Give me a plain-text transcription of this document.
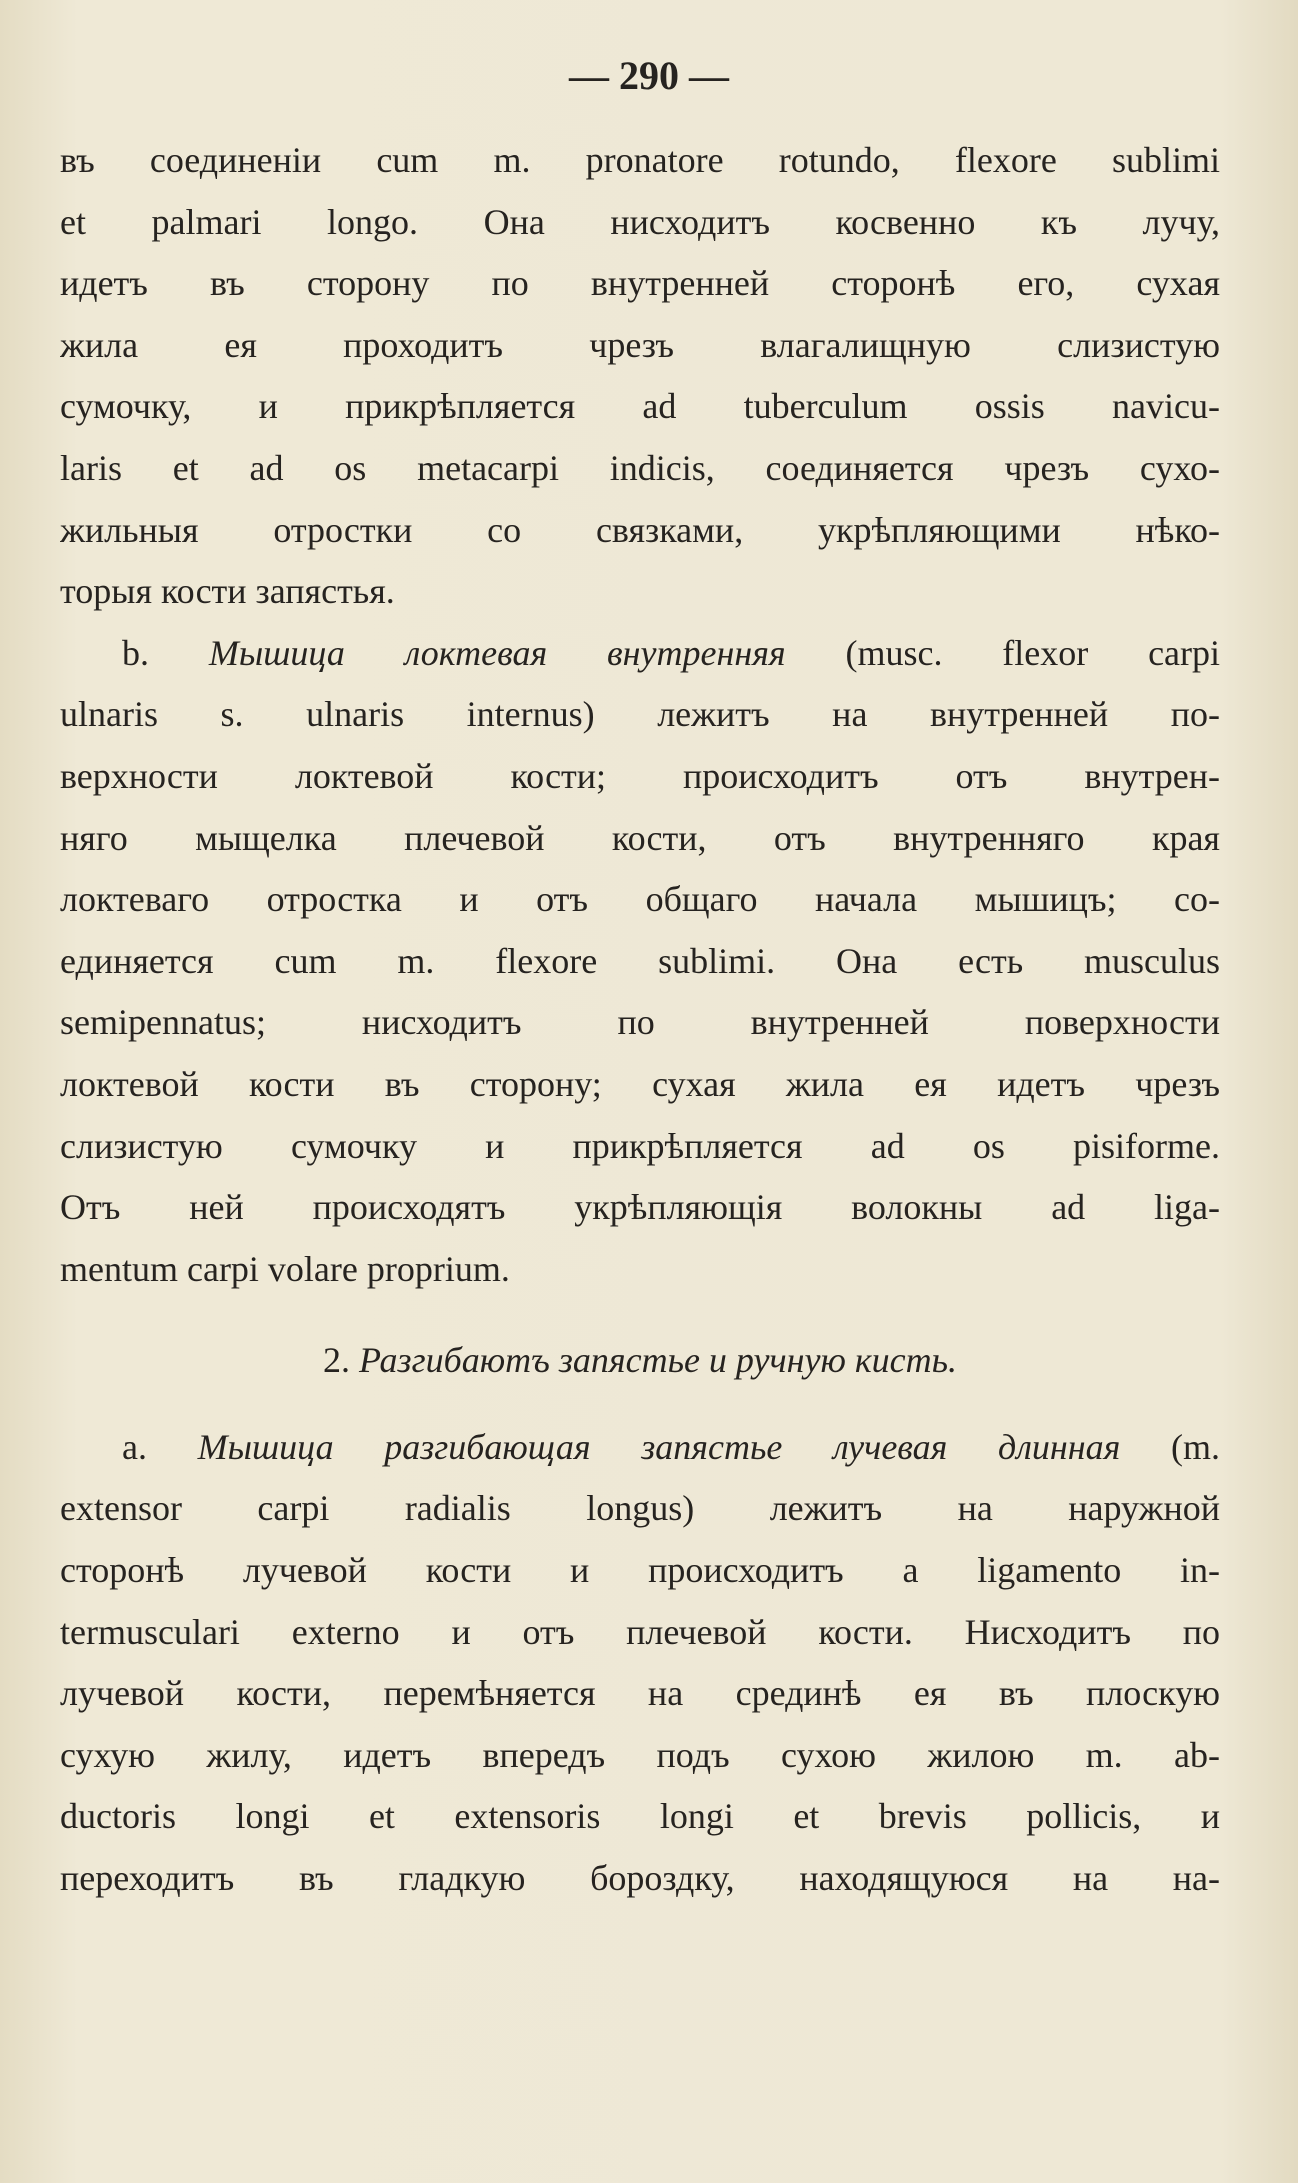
— 290 —
въ соединеніи cum m. pronatore rotundo, flexore sublimi
et palmari longo. Она нисходитъ косвенно къ лучу,
идетъ въ сторону по внутренней сторонѣ его, сухая
жила ея проходитъ чрезъ влагалищную слизистую
сумочку, и прикрѣпляется ad tuberculum ossis navicu-
laris et ad os metacarpi indicis, соединяется чрезъ сухо-
жильныя отростки со связками, укрѣпляющими нѣко-
торыя кости запястья.
b. Мышица локтевая внутренняя (musc. flexor carpi
ulnaris s. ulnaris internus) лежитъ на внутренней по-
верхности локтевой кости; происходитъ отъ внутрен-
няго мыщелка плечевой кости, отъ внутренняго края
локтеваго отростка и отъ общаго начала мышицъ; со-
единяется cum m. flexore sublimi. Она есть musculus
semipennatus; нисходитъ по внутренней поверхности
локтевой кости въ сторону; сухая жила ея идетъ чрезъ
слизистую сумочку и прикрѣпляется ad os pisiforme.
Отъ ней происходятъ укрѣпляющія волокны ad liga-
mentum carpi volare proprium.
2. Разгибаютъ запястье и ручную кисть.
a. Мышица разгибающая запястье лучевая длинная (m.
extensor carpi radialis longus) лежитъ на наружной
сторонѣ лучевой кости и происходитъ a ligamento in-
termusculari externo и отъ плечевой кости. Нисходитъ по
лучевой кости, перемѣняется на срединѣ ея въ плоскую
сухую жилу, идетъ впередъ подъ сухою жилою m. ab-
ductoris longi et extensoris longi et brevis pollicis, и
переходитъ въ гладкую бороздку, находящуюся на на-
